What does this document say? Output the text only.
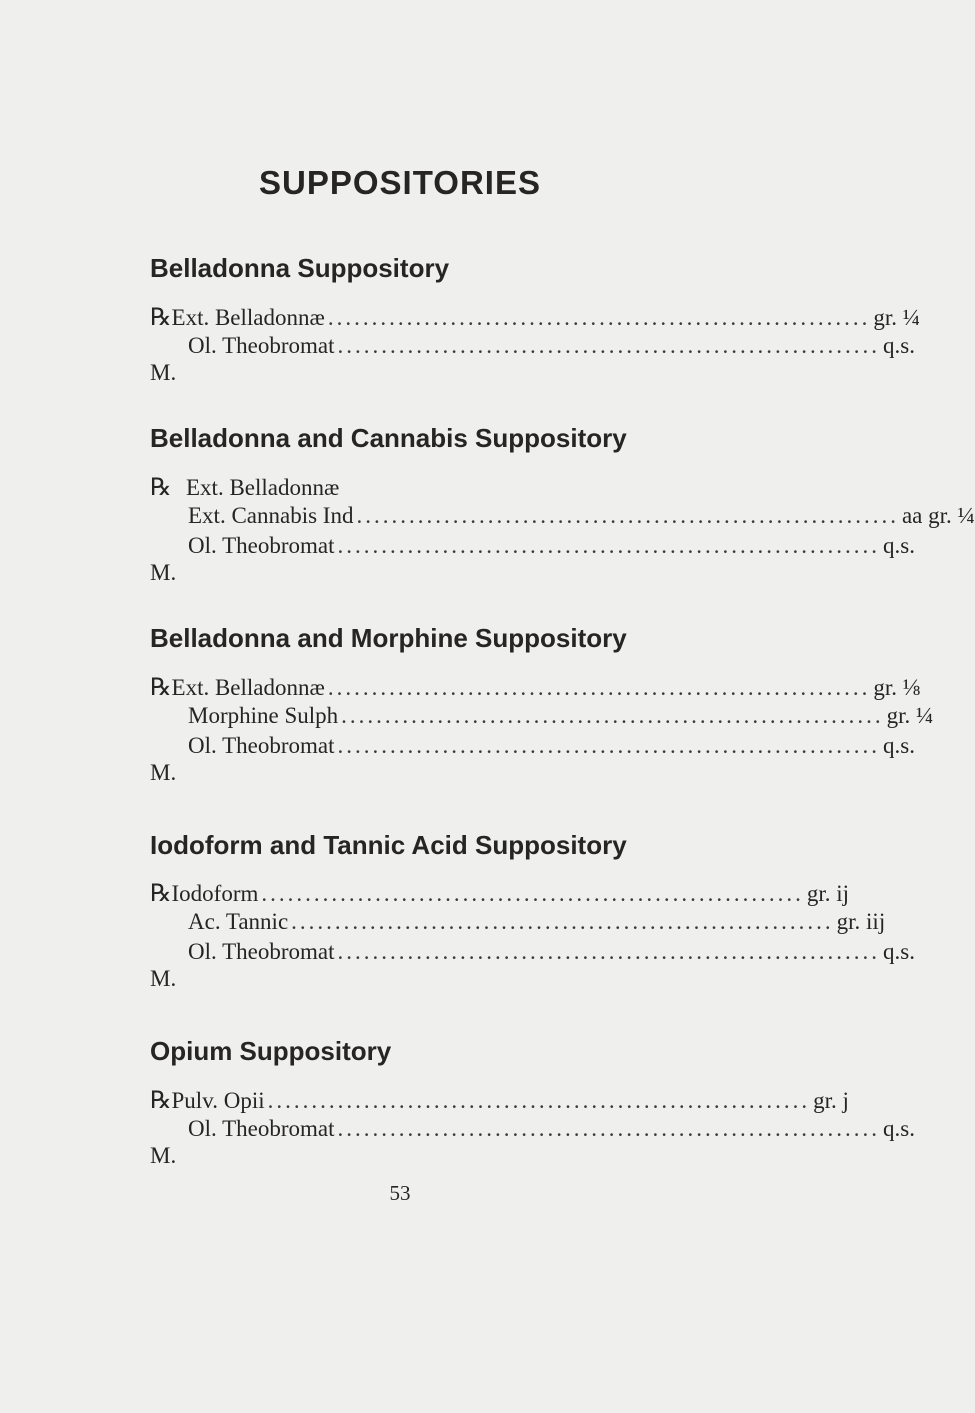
SUPPOSITORIES
Belladonna Suppository
℞ Ext. Belladonnæ .............................................................. gr. ¼
Ol. Theobromat .............................................................. q.s.
M.
Belladonna and Cannabis Suppository
℞ Ext. Belladonnæ
Ext. Cannabis Ind .............................................................. aa gr. ¼
Ol. Theobromat .............................................................. q.s.
M.
Belladonna and Morphine Suppository
℞ Ext. Belladonnæ .............................................................. gr. ⅛
Morphine Sulph .............................................................. gr. ¼
Ol. Theobromat .............................................................. q.s.
M.
Iodoform and Tannic Acid Suppository
℞ Iodoform .............................................................. gr. ij
Ac. Tannic .............................................................. gr. iij
Ol. Theobromat .............................................................. q.s.
M.
Opium Suppository
℞ Pulv. Opii .............................................................. gr. j
Ol. Theobromat .............................................................. q.s.
M.
53
